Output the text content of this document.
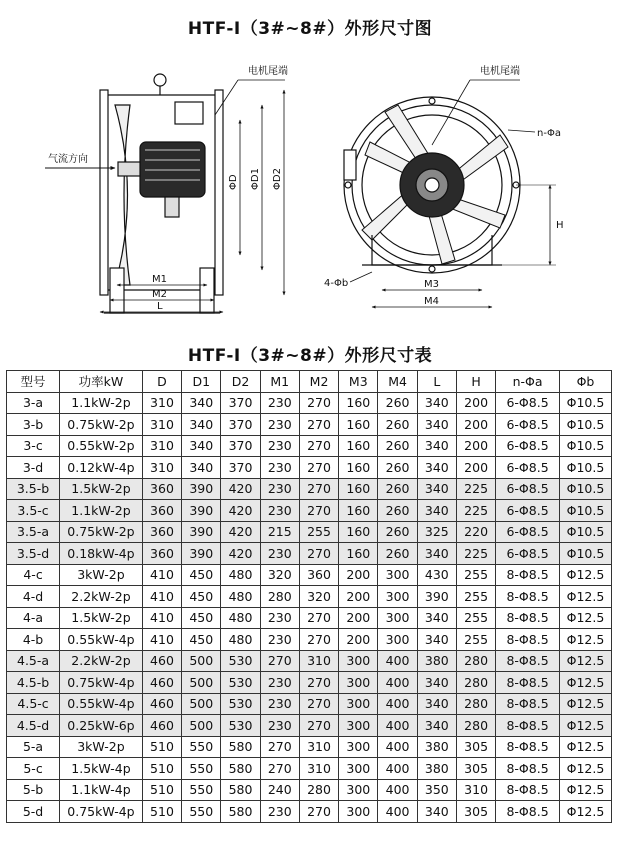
HTF-I（3#~8#）外形尺寸图
电机尾端
气流方向
ΦD ΦD1 ΦD2
M1
M2
L
电机尾端
n-Φa
H
4-Φb	M3
M4
HTF-I（3#~8#）外形尺寸表
型号	功率kW	D	D1	D2	M1	M2	M3	M4	L	H	n-Φa	Φb
3-a	1.1kW-2p	310	340	370	230	270	160	260	340	200	6-Φ8.5	Φ10.5
3-b	0.75kW-2p	310	340	370	230	270	160	260	340	200	6-Φ8.5	Φ10.5
3-c	0.55kW-2p	310	340	370	230	270	160	260	340	200	6-Φ8.5	Φ10.5
3-d	0.12kW-4p	310	340	370	230	270	160	260	340	200	6-Φ8.5	Φ10.5
3.5-b	1.5kW-2p	360	390	420	230	270	160	260	340	225	6-Φ8.5	Φ10.5
3.5-c	1.1kW-2p	360	390	420	230	270	160	260	340	225	6-Φ8.5	Φ10.5
3.5-a	0.75kW-2p	360	390	420	215	255	160	260	325	220	6-Φ8.5	Φ10.5
3.5-d	0.18kW-4p	360	390	420	230	270	160	260	340	225	6-Φ8.5	Φ10.5
4-c	3kW-2p	410	450	480	320	360	200	300	430	255	8-Φ8.5	Φ12.5
4-d	2.2kW-2p	410	450	480	280	320	200	300	390	255	8-Φ8.5	Φ12.5
4-a	1.5kW-2p	410	450	480	230	270	200	300	340	255	8-Φ8.5	Φ12.5
4-b	0.55kW-4p	410	450	480	230	270	200	300	340	255	8-Φ8.5	Φ12.5
4.5-a	2.2kW-2p	460	500	530	270	310	300	400	380	280	8-Φ8.5	Φ12.5
4.5-b	0.75kW-4p	460	500	530	230	270	300	400	340	280	8-Φ8.5	Φ12.5
4.5-c	0.55kW-4p	460	500	530	230	270	300	400	340	280	8-Φ8.5	Φ12.5
4.5-d	0.25kW-6p	460	500	530	230	270	300	400	340	280	8-Φ8.5	Φ12.5
5-a	3kW-2p	510	550	580	270	310	300	400	380	305	8-Φ8.5	Φ12.5
5-c	1.5kW-4p	510	550	580	270	310	300	400	380	305	8-Φ8.5	Φ12.5
5-b	1.1kW-4p	510	550	580	240	280	300	400	350	310	8-Φ8.5	Φ12.5
5-d	0.75kW-4p	510	550	580	230	270	300	400	340	305	8-Φ8.5	Φ12.5
